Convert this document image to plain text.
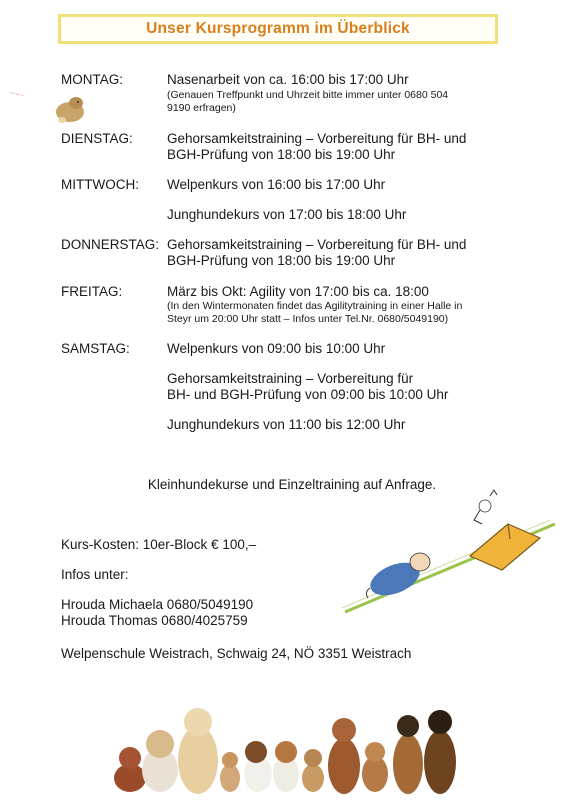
Unser Kursprogramm im Überblick
~~ ~~ ~
MONTAG:	Nasenarbeit von ca. 16:00 bis 17:00 Uhr
(Genauen Treffpunkt und Uhrzeit bitte immer unter 0680 504
9190 erfragen)
DIENSTAG:	Gehorsamkeitstraining – Vorbereitung für BH- und
BGH-Prüfung von 18:00 bis 19:00 Uhr
MITTWOCH: Welpenkurs von 16:00 bis 17:00 Uhr
Junghundekurs von 17:00 bis 18:00 Uhr
DONNERSTAG: Gehorsamkeitstraining – Vorbereitung für BH- und
BGH-Prüfung von 18:00 bis 19:00 Uhr
FREITAG:	März bis Okt: Agility von 17:00 bis ca. 18:00
(In den Wintermonaten findet das Agilitytraining in einer Halle in
Steyr um 20:00 Uhr statt – Infos unter Tel.Nr. 0680/5049190)
SAMSTAG:	Welpenkurs von 09:00 bis 10:00 Uhr
Gehorsamkeitstraining – Vorbereitung für
BH- und BGH-Prüfung von 09:00 bis 10:00 Uhr
Junghundekurs von 11:00 bis 12:00 Uhr
Kleinhundekurse und Einzeltraining auf Anfrage.
Kurs-Kosten: 10er-Block € 100,–
Infos unter:
Hrouda Michaela 0680/5049190
Hrouda Thomas 0680/4025759
Welpenschule Weistrach, Schwaig 24, NÖ 3351 Weistrach
